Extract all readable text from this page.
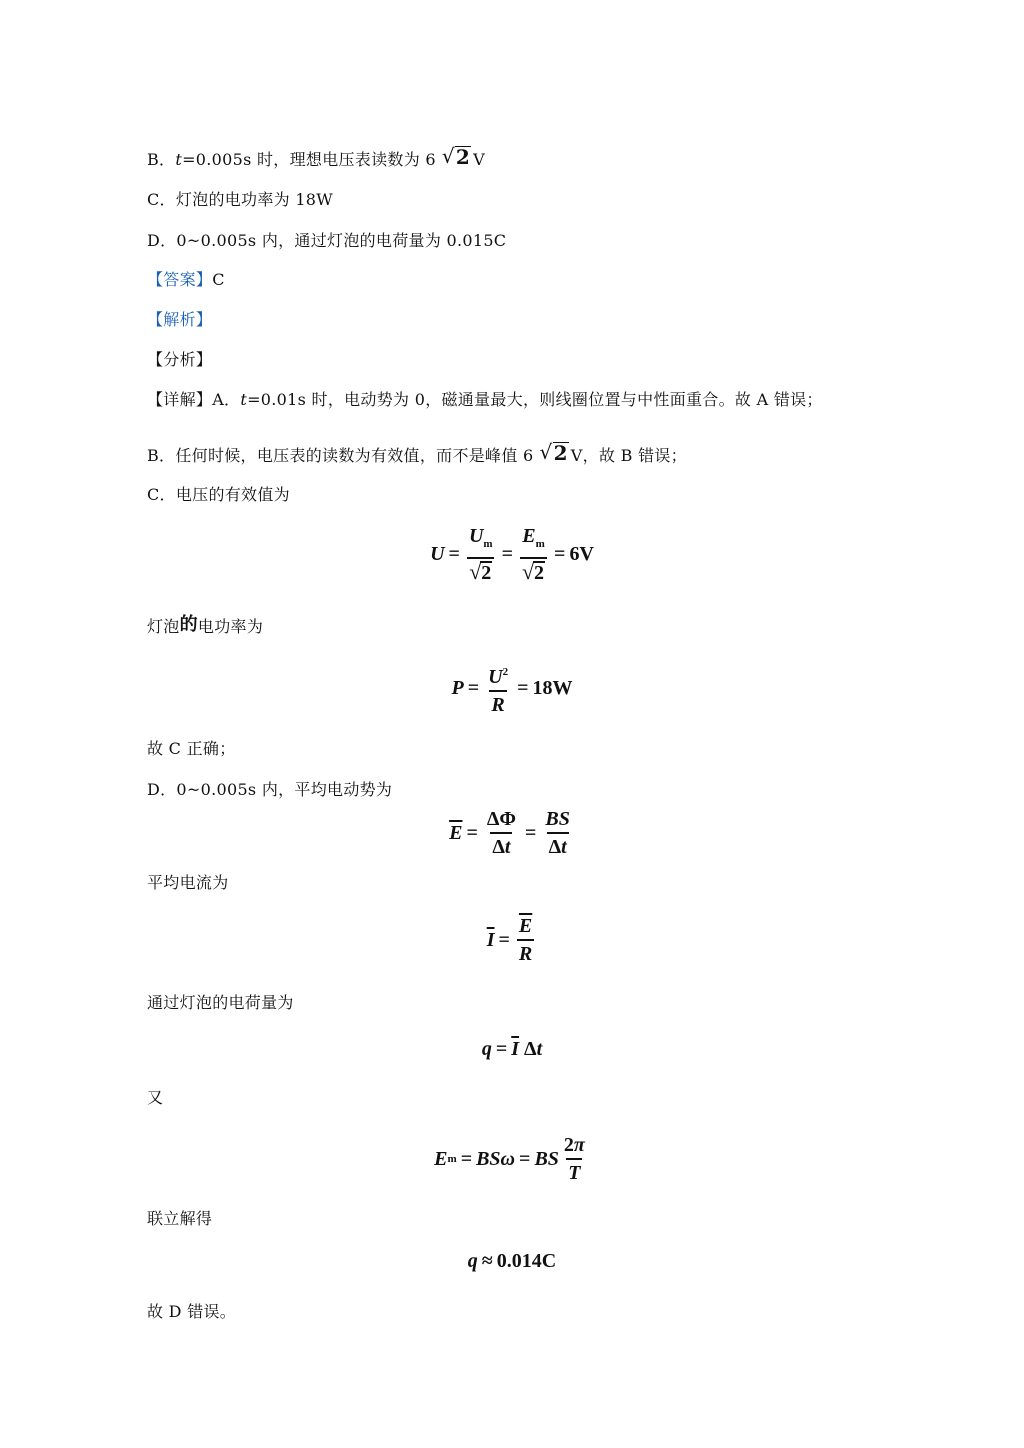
B．t=0.005s 时，理想电压表读数为 6 √ 2 V
C．灯泡的电功率为 18W
D．0~0.005s 内，通过灯泡的电荷量为 0.015C
【答案】C
【解析】
【分析】
【详解】A．t=0.01s 时，电动势为 0，磁通量最大，则线圈位置与中性面重合。故 A 错误；
B．任何时候，电压表的读数为有效值，而不是峰值 6 √ 2 V，故 B 错误；
C．电压的有效值为
$U = \frac{U_m}{√ 2} = \frac{E_m}{√ 2} = 6V$
灯泡的电功率为
$P = \frac{U^2}{R} = 18W$
故 C 正确；
D．0~0.005s 内，平均电动势为
$\overline{E} = \frac{\Delta\Phi}{\Delta t} = \frac{BS}{\Delta t}$
平均电流为
$\overline{I} = \frac{\overline{E}}{R}$
通过灯泡的电荷量为
$q = \overline{I}$ Δ t
又
E m = BSω = BS $\frac{2\pi}{T}$
联立解得
q ≈ 0.014C
故 D 错误。
